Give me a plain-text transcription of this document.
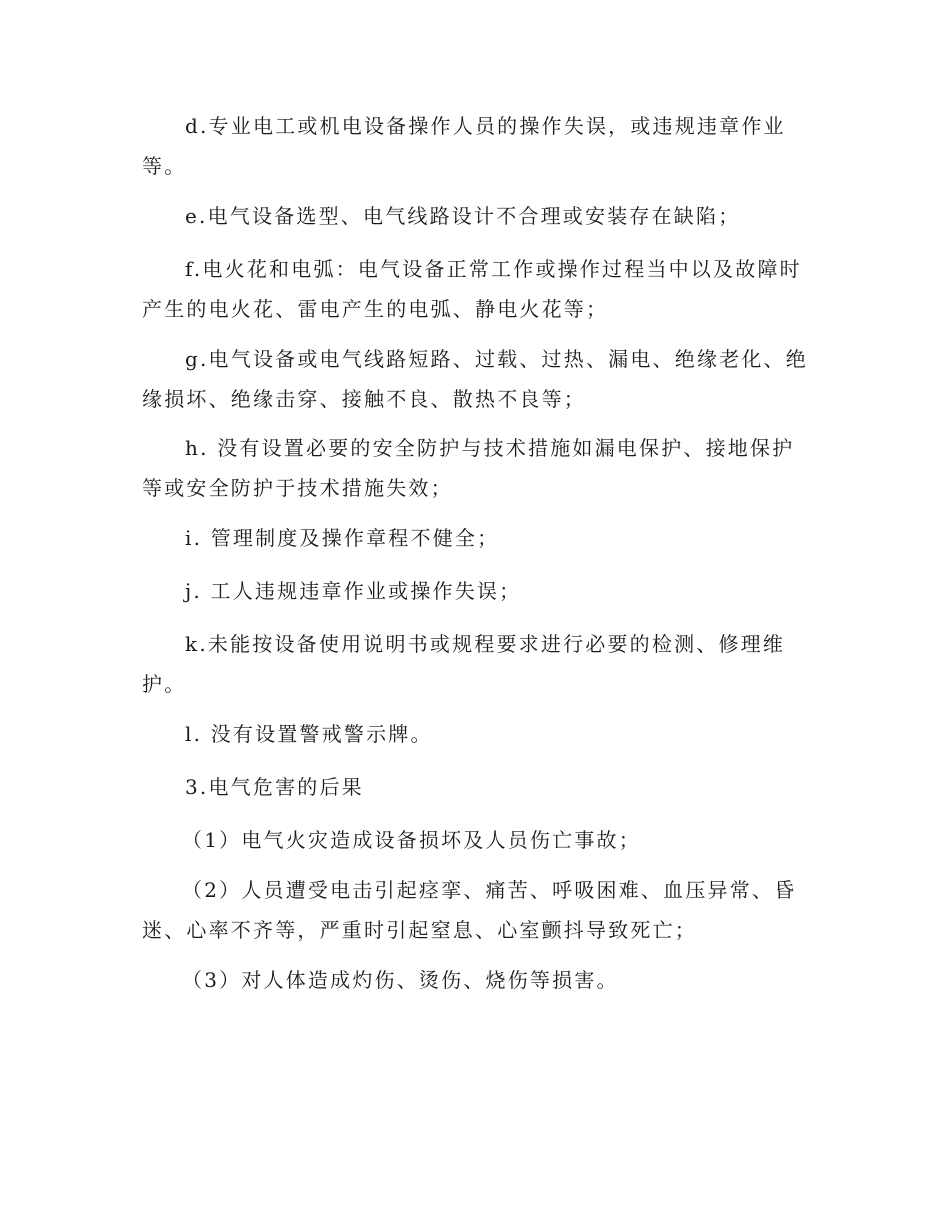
d.专业电工或机电设备操作人员的操作失误，或违规违章作业等。

e.电气设备选型、电气线路设计不合理或安装存在缺陷；

f.电火花和电弧：电气设备正常工作或操作过程当中以及故障时产生的电火花、雷电产生的电弧、静电火花等；

g.电气设备或电气线路短路、过载、过热、漏电、绝缘老化、绝缘损坏、绝缘击穿、接触不良、散热不良等；

h. 没有设置必要的安全防护与技术措施如漏电保护、接地保护等或安全防护于技术措施失效；

i. 管理制度及操作章程不健全；

j. 工人违规违章作业或操作失误；

k.未能按设备使用说明书或规程要求进行必要的检测、修理维护。

l. 没有设置警戒警示牌。

3.电气危害的后果

（1）电气火灾造成设备损坏及人员伤亡事故；

（2）人员遭受电击引起痉挛、痛苦、呼吸困难、血压异常、昏迷、心率不齐等，严重时引起窒息、心室颤抖导致死亡；

（3）对人体造成灼伤、烫伤、烧伤等损害。
